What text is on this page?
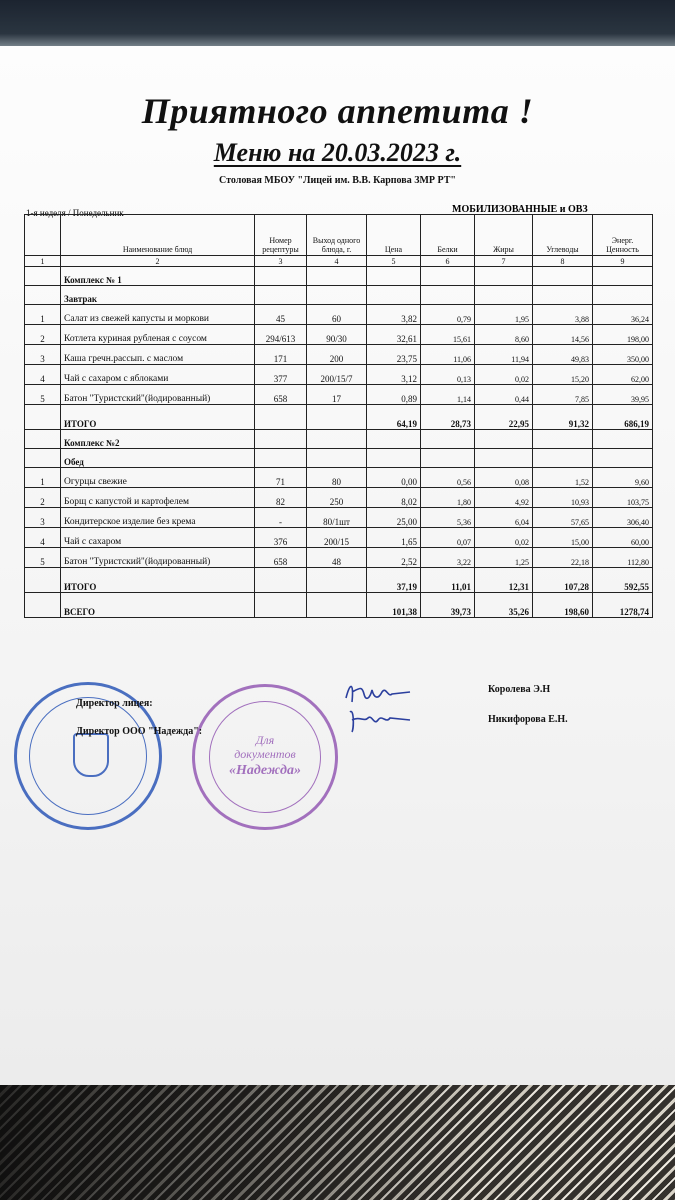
Приятного аппетита !
Меню на 20.03.2023 г.
Столовая МБОУ "Лицей им. В.В. Карпова ЗМР РТ"
1-я неделя / Понедельник	МОБИЛИЗОВАННЫЕ и ОВЗ
	Наименование блюд	Номер рецептуры	Выход одного блюда, г.	Цена	Белки	Жиры	Углеводы	Энерг. Ценность
1	2	3	4	5	6	7	8	9
	Комплекс № 1							
	Завтрак							
1	Салат из свежей капусты и моркови	45	60	3,82	0,79	1,95	3,88	36,24
2	Котлета куриная рубленая с соусом	294/613	90/30	32,61	15,61	8,60	14,56	198,00
3	Каша гречн.рассып. с маслом	171	200	23,75	11,06	11,94	49,83	350,00
4	Чай с сахаром с яблоками	377	200/15/7	3,12	0,13	0,02	15,20	62,00
5	Батон "Туристский"(йодированный)	658	17	0,89	1,14	0,44	7,85	39,95
	ИТОГО			64,19	28,73	22,95	91,32	686,19
	Комплекс №2							
	Обед							
1	Огурцы свежие	71	80	0,00	0,56	0,08	1,52	9,60
2	Борщ с капустой и картофелем	82	250	8,02	1,80	4,92	10,93	103,75
3	Кондитерское изделие без крема	-	80/1шт	25,00	5,36	6,04	57,65	306,40
4	Чай с сахаром	376	200/15	1,65	0,07	0,02	15,00	60,00
5	Батон "Туристский"(йодированный)	658	48	2,52	3,22	1,25	22,18	112,80
	ИТОГО			37,19	11,01	12,31	107,28	592,55
	ВСЕГО			101,38	39,73	35,26	198,60	1278,74
Для
документов
«Надежда»
Директор лицея:
Королева Э.Н
Директор ООО "Надежда":
Никифорова Е.Н.
